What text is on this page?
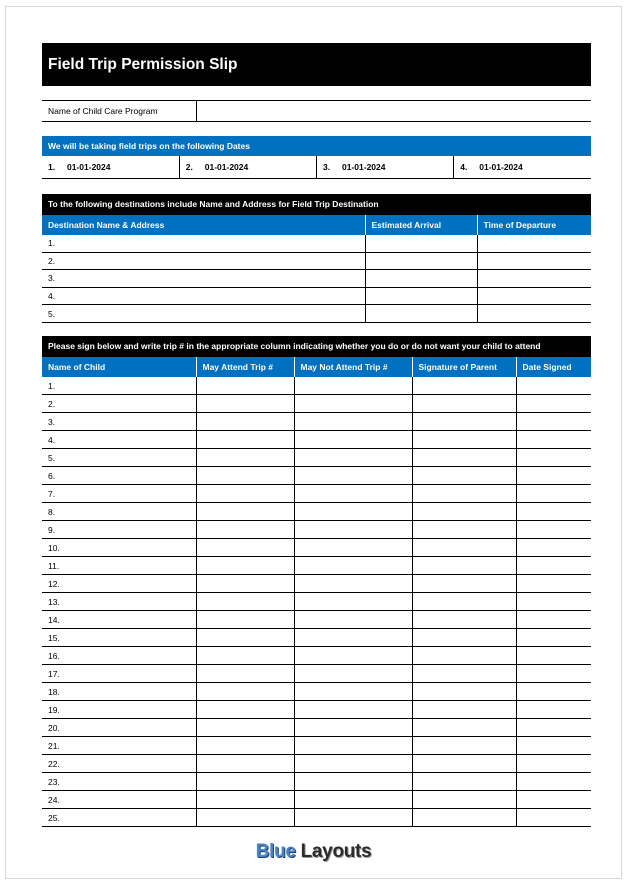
Field Trip Permission Slip
Name of Child Care Program	
We will be taking field trips on the following Dates
1. 01-01-2024	2. 01-01-2024	3. 01-01-2024	4. 01-01-2024
To the following destinations include Name and Address for Field Trip Destination
Destination Name & Address	Estimated Arrival	Time of Departure
1.		
2.		
3.		
4.		
5.		
Please sign below and write trip # in the appropriate column indicating whether you do or do not want your child to attend
Name of Child	May Attend Trip #	May Not Attend Trip #	Signature of Parent	Date Signed
1.				
2.				
3.				
4.				
5.				
6.				
7.				
8.				
9.				
10.				
11.				
12.				
13.				
14.				
15.				
16.				
17.				
18.				
19.				
20.				
21.				
22.				
23.				
24.				
25.				
Blue Layouts
